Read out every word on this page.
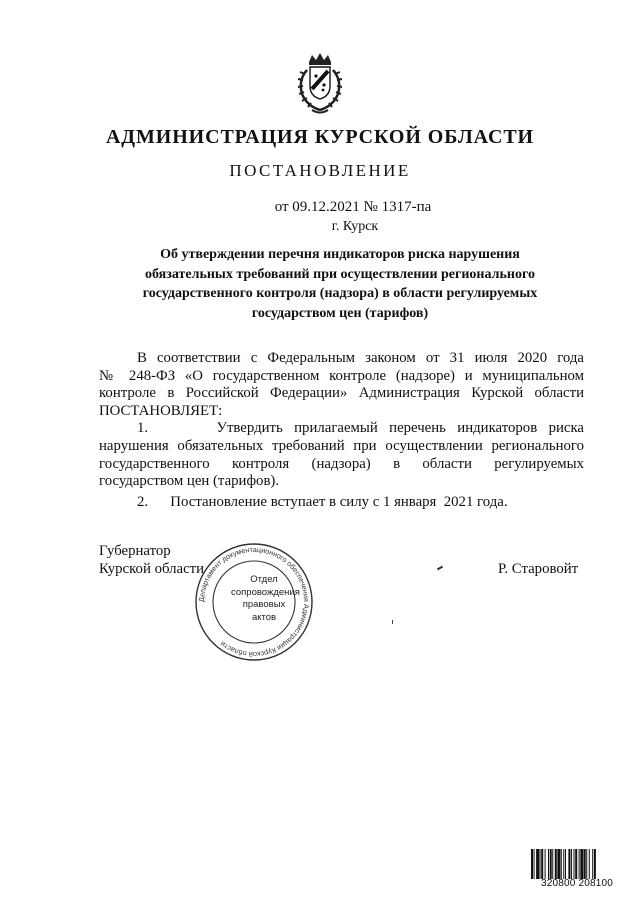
АДМИНИСТРАЦИЯ КУРСКОЙ ОБЛАСТИ
ПОСТАНОВЛЕНИЕ
от 09.12.2021 № 1317-па
г. Курск
Об утверждении перечня индикаторов риска нарушения
обязательных требований при осуществлении регионального
государственного контроля (надзора) в области регулируемых
государством цен (тарифов)
В соответствии с Федеральным законом от 31 июля 2020 года
№ 248-ФЗ «О государственном контроле (надзоре) и муниципальном
контроле в Российской Федерации» Администрация Курской области
ПОСТАНОВЛЯЕТ:
1.      Утвердить прилагаемый перечень индикаторов риска
нарушения обязательных требований при осуществлении регионального
государственного контроля (надзора) в области регулируемых
государством цен (тарифов).
2.      Постановление вступает в силу с 1 января  2021 года.
Губернатор
Курской области	Р. Старовойт
Департамент документационного обеспечения Администрации Курской области
Отдел
сопровождения
правовых
актов
320800 208100
